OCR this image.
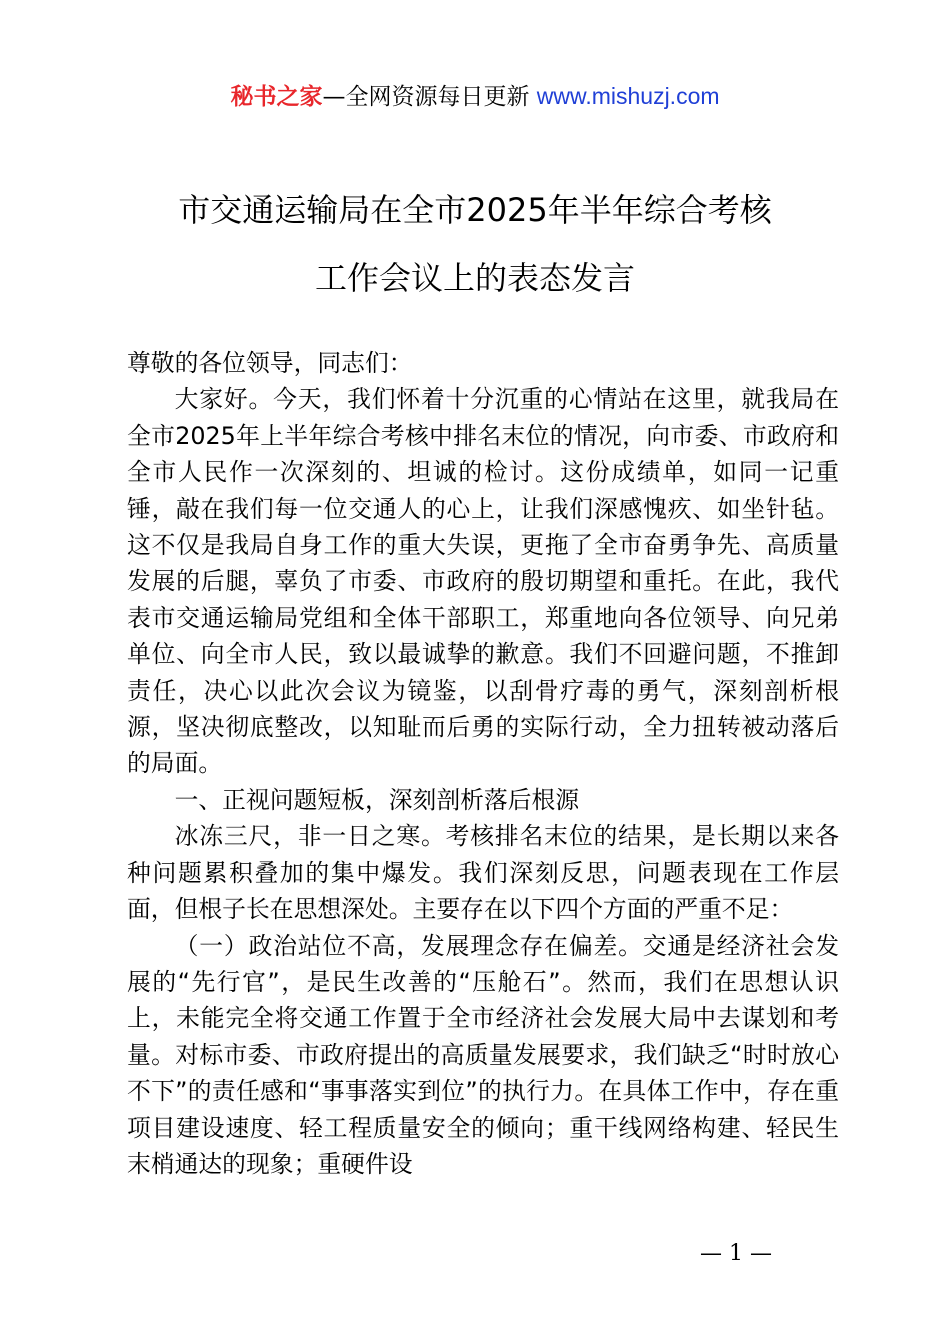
秘书之家—全网资源每日更新 www.mishuzj.com
市交通运输局在全市2025年半年综合考核
工作会议上的表态发言

尊敬的各位领导，同志们：

大家好。今天，我们怀着十分沉重的心情站在这里，就我局在全市2025年上半年综合考核中排名末位的情况，向市委、市政府和全市人民作一次深刻的、坦诚的检讨。这份成绩单，如同一记重锤，敲在我们每一位交通人的心上，让我们深感愧疚、如坐针毡。这不仅是我局自身工作的重大失误，更拖了全市奋勇争先、高质量发展的后腿，辜负了市委、市政府的殷切期望和重托。在此，我代表市交通运输局党组和全体干部职工，郑重地向各位领导、向兄弟单位、向全市人民，致以最诚挚的歉意。我们不回避问题，不推卸责任，决心以此次会议为镜鉴，以刮骨疗毒的勇气，深刻剖析根源，坚决彻底整改，以知耻而后勇的实际行动，全力扭转被动落后的局面。

一、正视问题短板，深刻剖析落后根源

冰冻三尺，非一日之寒。考核排名末位的结果，是长期以来各种问题累积叠加的集中爆发。我们深刻反思，问题表现在工作层面，但根子长在思想深处。主要存在以下四个方面的严重不足：

（一）政治站位不高，发展理念存在偏差。交通是经济社会发展的“先行官”，是民生改善的“压舱石”。然而，我们在思想认识上，未能完全将交通工作置于全市经济社会发展大局中去谋划和考量。对标市委、市政府提出的高质量发展要求，我们缺乏“时时放心不下”的责任感和“事事落实到位”的执行力。在具体工作中，存在重项目建设速度、轻工程质量安全的倾向；重干线网络构建、轻民生末梢通达的现象；重硬件设

— 1 —
